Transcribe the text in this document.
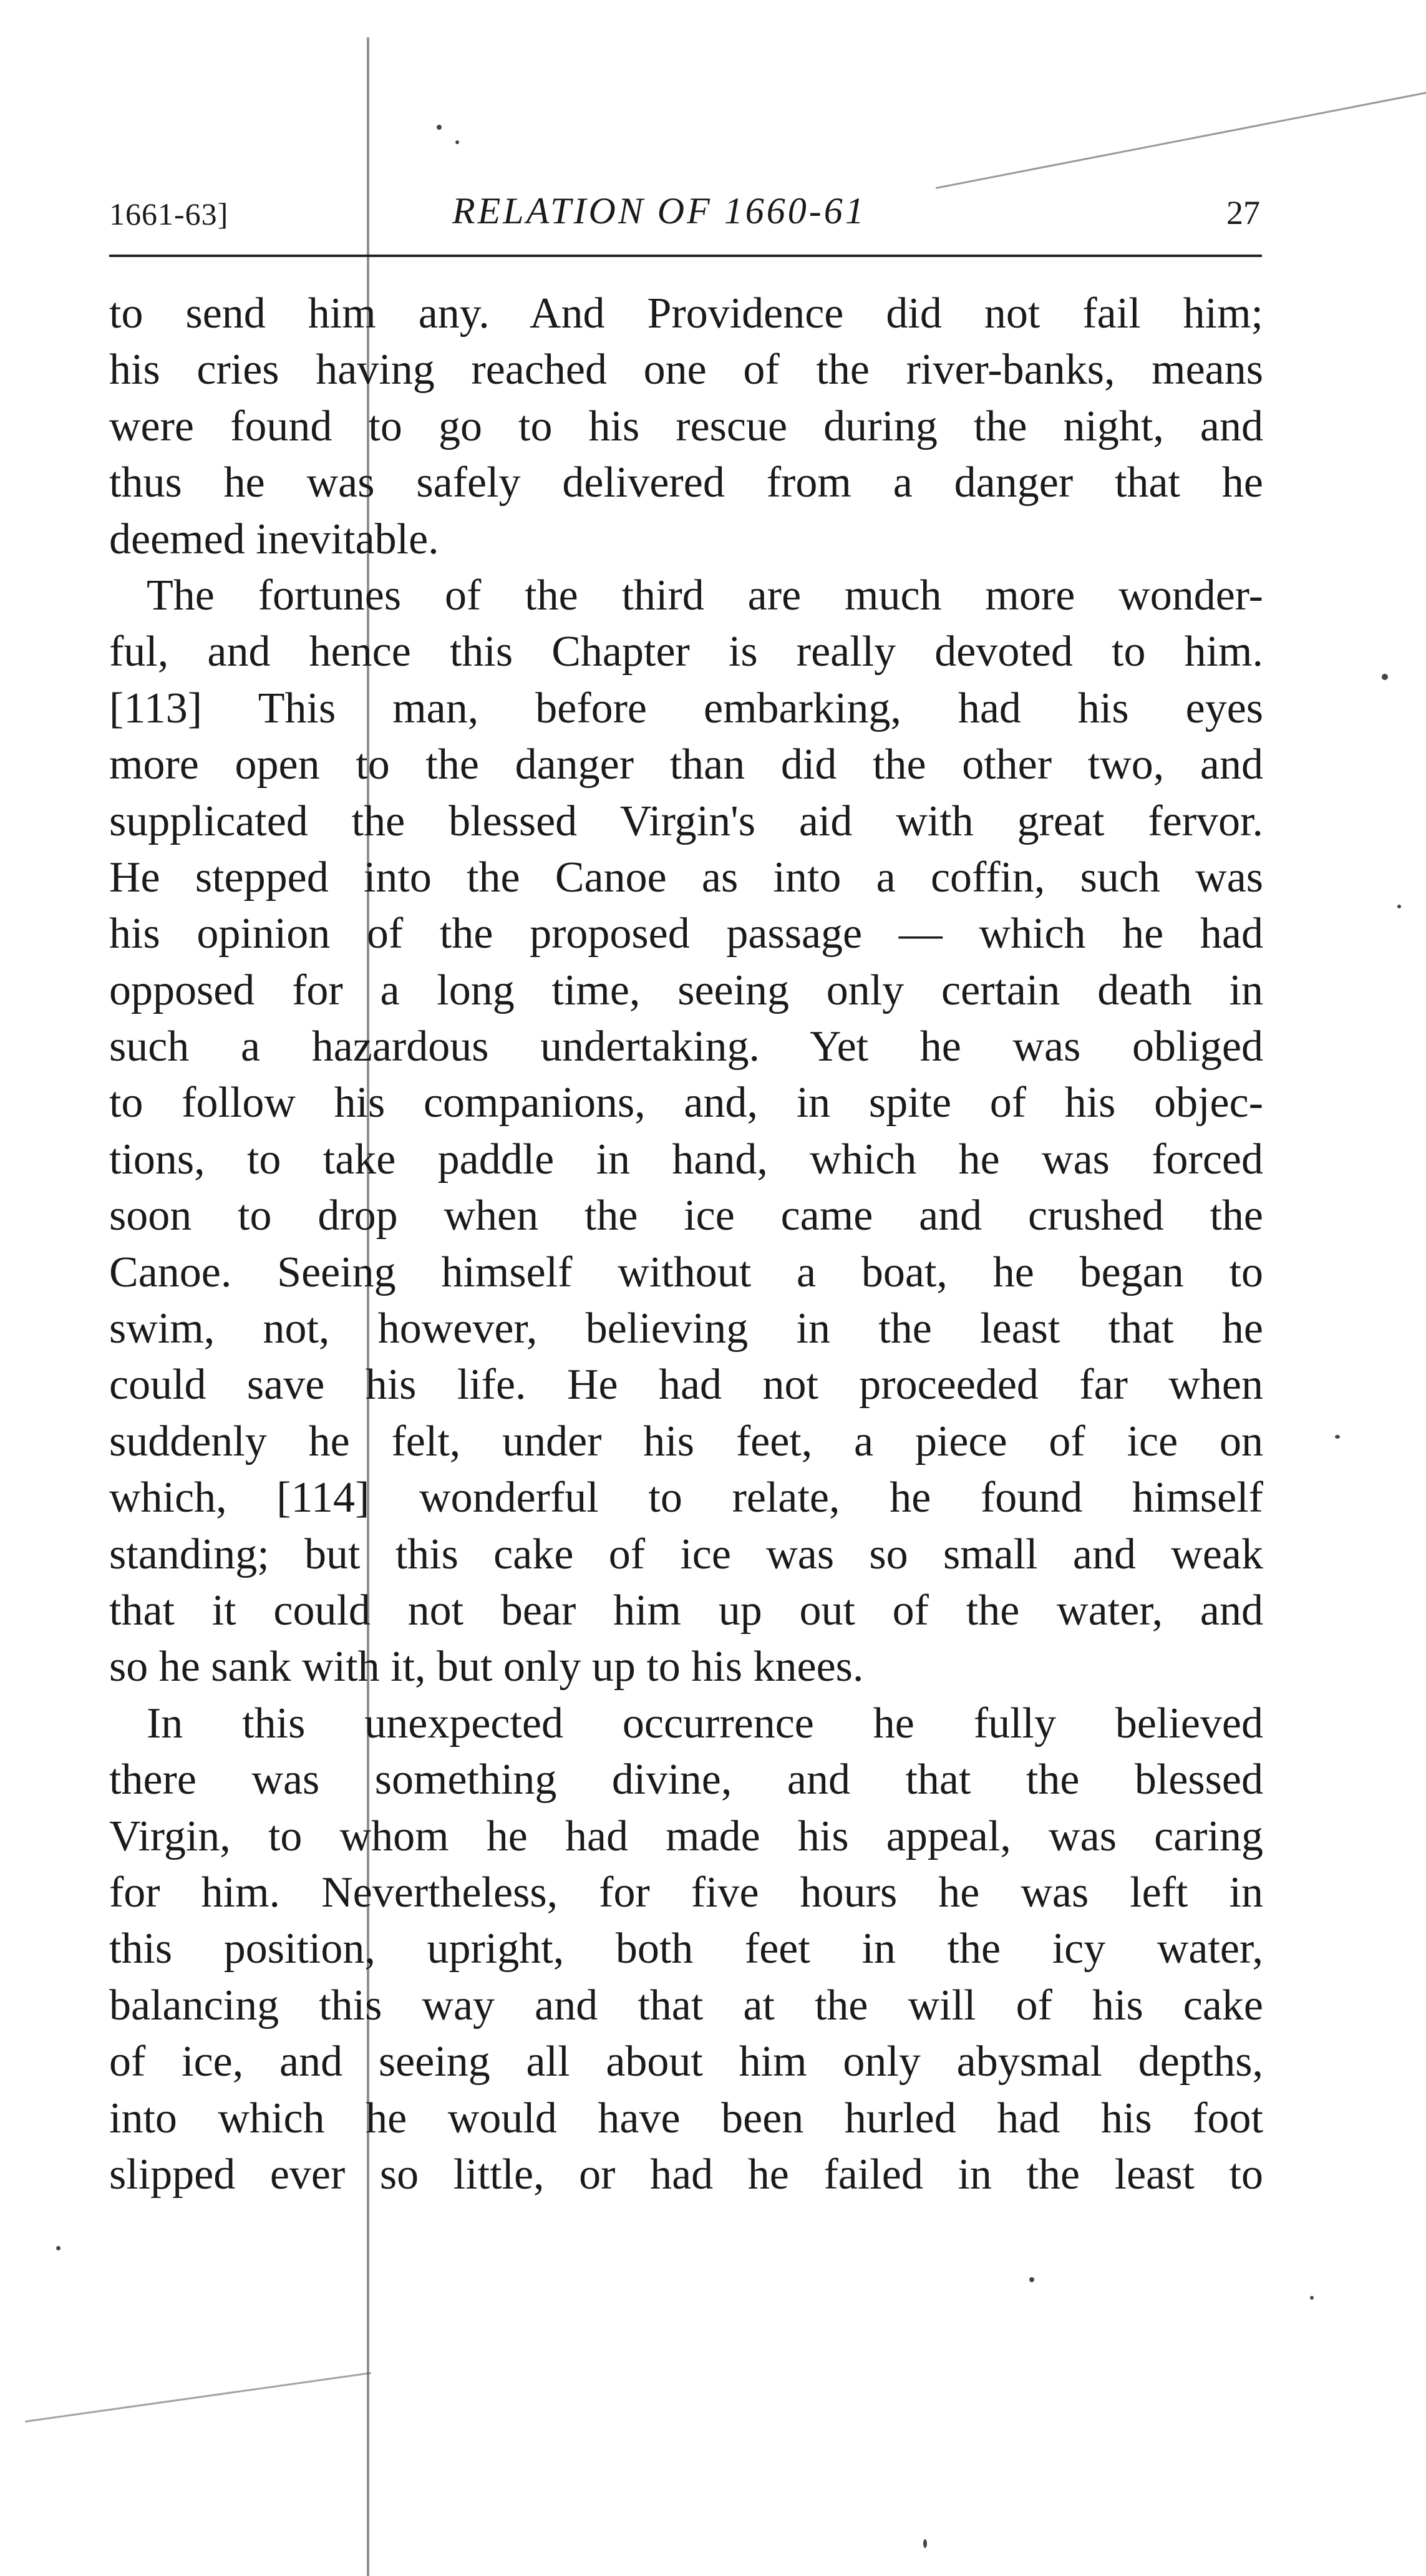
1661-63]	RELATION OF 1660-61	27
to send him any. And Providence did not fail him;
his cries having reached one of the river-banks, means
were found to go to his rescue during the night, and
thus he was safely delivered from a danger that he
deemed inevitable.
The fortunes of the third are much more wonder-
ful, and hence this Chapter is really devoted to him.
[113] This man, before embarking, had his eyes
more open to the danger than did the other two, and
supplicated the blessed Virgin's aid with great fervor.
He stepped into the Canoe as into a coffin, such was
his opinion of the proposed passage — which he had
opposed for a long time, seeing only certain death in
such a hazardous undertaking. Yet he was obliged
to follow his companions, and, in spite of his objec-
tions, to take paddle in hand, which he was forced
soon to drop when the ice came and crushed the
Canoe. Seeing himself without a boat, he began to
swim, not, however, believing in the least that he
could save his life. He had not proceeded far when
suddenly he felt, under his feet, a piece of ice on
which, [114] wonderful to relate, he found himself
standing; but this cake of ice was so small and weak
that it could not bear him up out of the water, and
so he sank with it, but only up to his knees.
In this unexpected occurrence he fully believed
there was something divine, and that the blessed
Virgin, to whom he had made his appeal, was caring
for him. Nevertheless, for five hours he was left in
this position, upright, both feet in the icy water,
balancing this way and that at the will of his cake
of ice, and seeing all about him only abysmal depths,
into which he would have been hurled had his foot
slipped ever so little, or had he failed in the least to
